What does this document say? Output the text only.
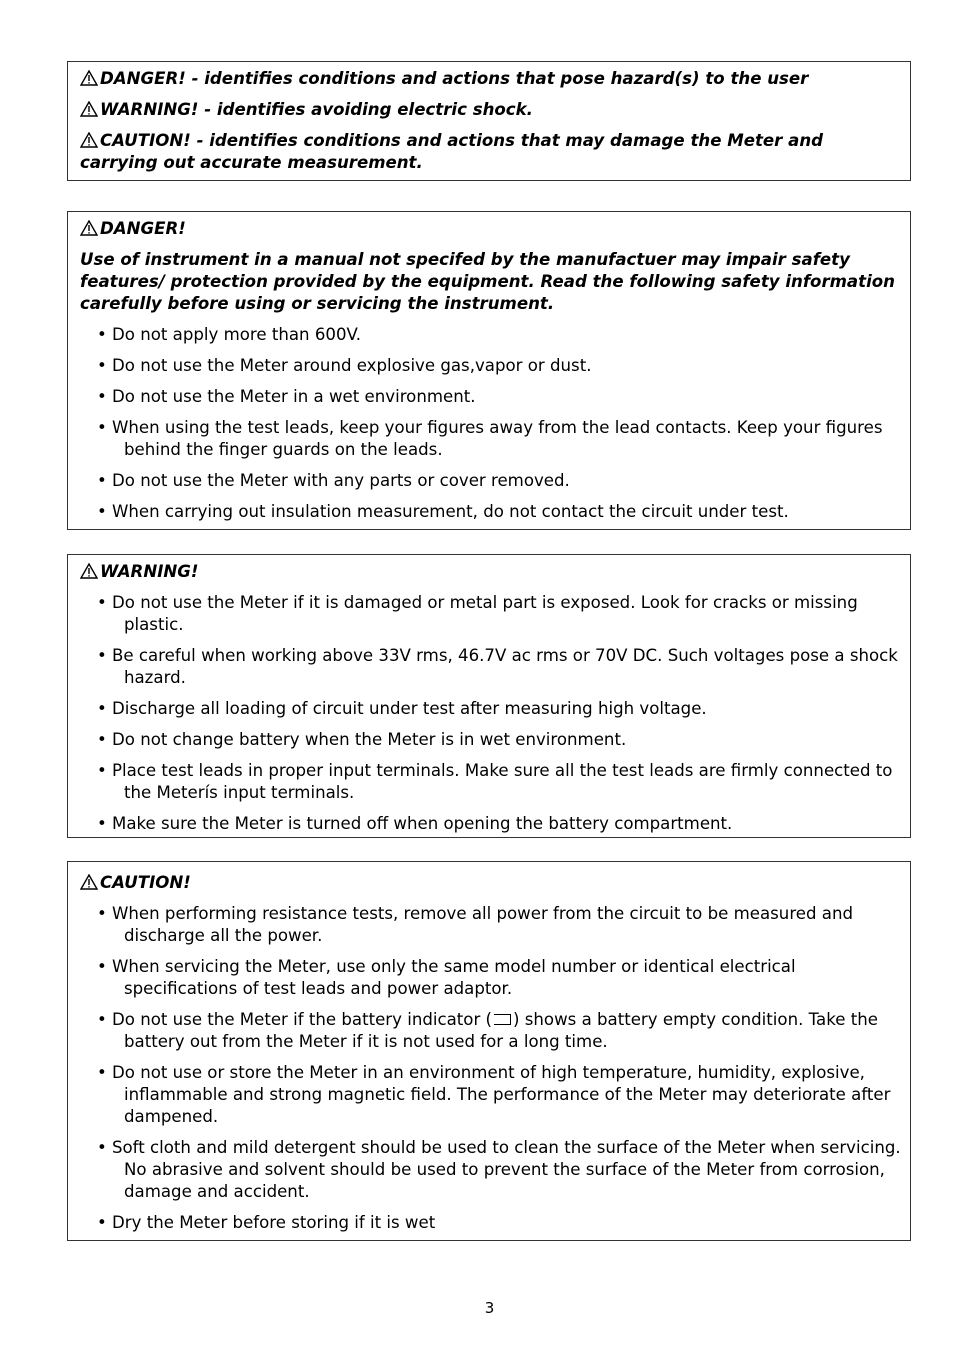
DANGER! - identifies conditions and actions that pose hazard(s) to the user
WARNING! - identifies avoiding electric shock.
CAUTION! - identifies conditions and actions that may damage the Meter and carrying out accurate measurement.
DANGER!
Use of instrument in a manual not specifed by the manufactuer may impair safety features/ protection provided by the equipment. Read the following safety information carefully before using or servicing the instrument.
• Do not apply more than 600V.
• Do not use the Meter around explosive gas,vapor or dust.
• Do not use the Meter in a wet environment.
• When using the test leads, keep your figures away from the lead contacts. Keep your figures behind the finger guards on the leads.
• Do not use the Meter with any parts or cover removed.
• When carrying out insulation measurement, do not contact the circuit under test.
WARNING!
• Do not use the Meter if it is damaged or metal part is exposed. Look for cracks or missing plastic.
• Be careful when working above 33V rms, 46.7V ac rms or 70V DC. Such voltages pose a shock hazard.
• Discharge all loading of circuit under test after measuring high voltage.
• Do not change battery when the Meter is in wet environment.
• Place test leads in proper input terminals. Make sure all the test leads are firmly connected to the Meterís input terminals.
• Make sure the Meter is turned off when opening the battery compartment.
CAUTION!
• When performing resistance tests, remove all power from the circuit to be measured and discharge all the power.
• When servicing the Meter, use only the same model number or identical electrical specifications of test leads and power adaptor.
• Do not use the Meter if the battery indicator ( ) shows a battery empty condition. Take the battery out from the Meter if it is not used for a long time.
• Do not use or store the Meter in an environment of high temperature, humidity, explosive, inflammable and strong magnetic field. The performance of the Meter may deteriorate after dampened.
• Soft cloth and mild detergent should be used to clean the surface of the Meter when servicing. No abrasive and solvent should be used to prevent the surface of the Meter from corrosion, damage and accident.
• Dry the Meter before storing if it is wet
3
